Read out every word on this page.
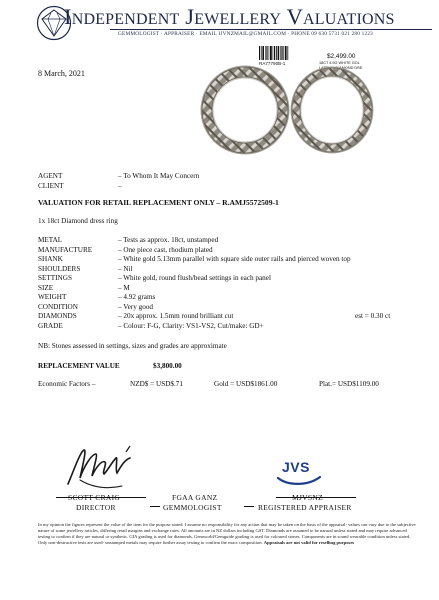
Independent Jewellery Valuations
GEMMOLOGIST · APPRAISER · EMAIL IJVNZMAIL@GMAIL.COM · PHONE 09 630 5731 021 280 1223
8 March, 2021
RA77790B-1
$2,499.00
18CT 4.9G WHITE GOL
LATTICE DIAMOND DRE
8TH/R.A
AGENT	– To Whom It May Concern
CLIENT	–
VALUATION FOR RETAIL REPLACEMENT ONLY – R.AMJ5572509-1
1x 18ct Diamond dress ring
METAL	– Tests as approx. 18ct, unstamped
MANUFACTURE	– One piece cast, rhodium plated
SHANK	– White gold 5.13mm parallel with square side outer rails and pierced woven top
SHOULDERS	– Nil
SETTINGS	– White gold, round flush/bead settings in each panel
SIZE	– M
WEIGHT	– 4.92 grams
CONDITION	– Very good
DIAMONDS	– 20x approx. 1.5mm round brilliant cut	est = 0.30 ct
GRADE	– Colour: F-G, Clarity: VS1-VS2, Cut/make: GD+
NB: Stones assessed in settings, sizes and grades are approximate
REPLACEMENT VALUE	$3,800.00
Economic Factors –	NZD$ = USD$.71	Gold = USD$1861.00	Plat.= USD$1109.00
JVS
SCOTT CRAIG
DIRECTOR
FGAA GANZ
GEMMOLOGIST
MJVSNZ
REGISTERED APPRAISER
In my opinion the figures represent the value of the item for the purpose stated. I assume no responsibility for any action that may be taken on the basis of the appraisal- values can vary due to the subjective nature of some jewellery articles, differing retail margins and exchange rates. All amounts are in NZ dollars including GST. Diamonds are assumed to be natural unless stated and may require advanced testing to confirm if they are natural or synthetic. GIA grading is used for diamonds, Gemworld/Gemguide grading is used for coloured stones. Components are in sound wearable condition unless stated. Only non-destructive tests are used- unstamped metals may require further assay testing to confirm the exact composition. Appraisals are not valid for reselling purposes
